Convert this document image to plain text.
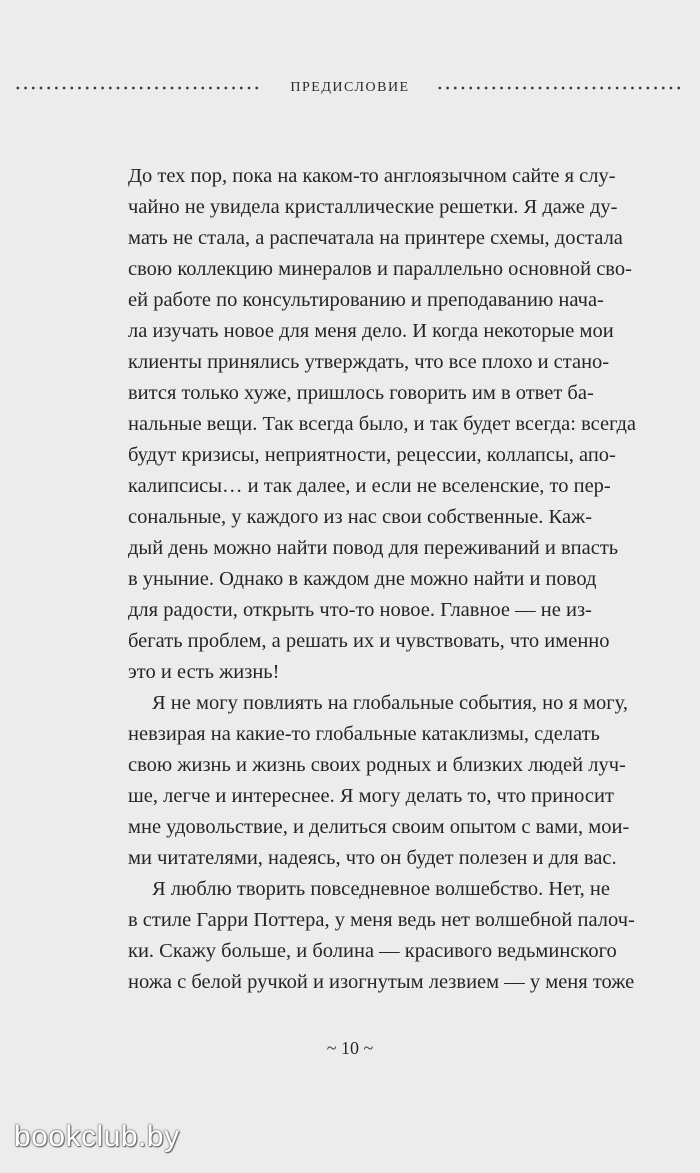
ПРЕДИСЛОВИЕ
До тех пор, пока на каком-то англоязычном сайте я слу-
чайно не увидела кристаллические решетки. Я даже ду-
мать не стала, а распечатала на принтере схемы, достала
свою коллекцию минералов и параллельно основной сво-
ей работе по консультированию и преподаванию нача-
ла изучать новое для меня дело. И когда некоторые мои
клиенты принялись утверждать, что все плохо и стано-
вится только хуже, пришлось говорить им в ответ ба-
нальные вещи. Так всегда было, и так будет всегда: всегда
будут кризисы, неприятности, рецессии, коллапсы, апо-
калипсисы… и так далее, и если не вселенские, то пер-
сональные, у каждого из нас свои собственные. Каж-
дый день можно найти повод для переживаний и впасть
в уныние. Однако в каждом дне можно найти и повод
для радости, открыть что-то новое. Главное — не из-
бегать проблем, а решать их и чувствовать, что именно
это и есть жизнь!
Я не могу повлиять на глобальные события, но я могу,
невзирая на какие-то глобальные катаклизмы, сделать
свою жизнь и жизнь своих родных и близких людей луч-
ше, легче и интереснее. Я могу делать то, что приносит
мне удовольствие, и делиться своим опытом с вами, мои-
ми читателями, надеясь, что он будет полезен и для вас.
Я люблю творить повседневное волшебство. Нет, не
в стиле Гарри Поттера, у меня ведь нет волшебной палоч-
ки. Скажу больше, и болина — красивого ведьминского
ножа с белой ручкой и изогнутым лезвием — у меня тоже
~ 10 ~
bookclub.by
